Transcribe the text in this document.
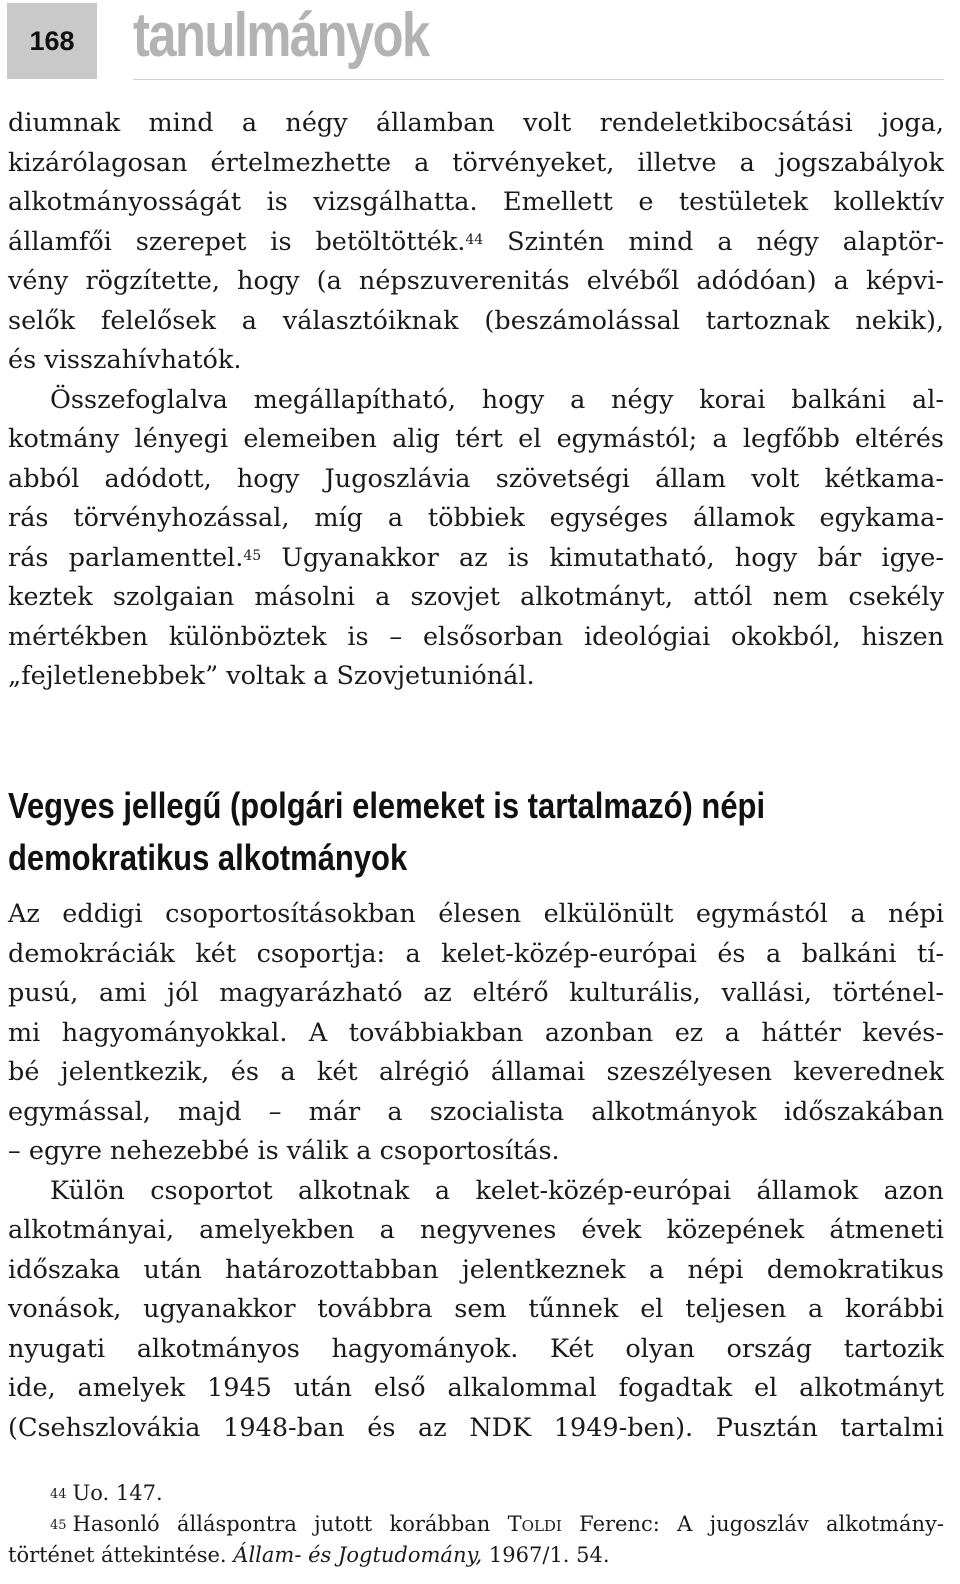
168 tanulmányok
diumnak mind a négy államban volt rendeletkibocsátási joga,
kizárólagosan értelmezhette a törvényeket, illetve a jogszabályok
alkotmányosságát is vizsgálhatta. Emellett e testületek kollektív
államfői szerepet is betöltötték.$^{44}$ Szintén mind a négy alaptör-
vény rögzítette, hogy (a népszuverenitás elvéből adódóan) a képvi-
selők felelősek a választóiknak (beszámolással tartoznak nekik),
és visszahívhatók.
Összefoglalva megállapítható, hogy a négy korai balkáni al-
kotmány lényegi elemeiben alig tért el egymástól; a legfőbb eltérés
abból adódott, hogy Jugoszlávia szövetségi állam volt kétkama-
rás törvényhozással, míg a többiek egységes államok egykama-
rás parlamenttel.$^{45}$ Ugyanakkor az is kimutatható, hogy bár igye-
keztek szolgaian másolni a szovjet alkotmányt, attól nem csekély
mértékben különböztek is – elsősorban ideológiai okokból, hiszen
„fejletlenebbek” voltak a Szovjetuniónál.
Vegyes jellegű (polgári elemeket is tartalmazó) népi
demokratikus alkotmányok
Az eddigi csoportosításokban élesen elkülönült egymástól a népi
demokráciák két csoportja: a kelet-közép-európai és a balkáni tí-
pusú, ami jól magyarázható az eltérő kulturális, vallási, történel-
mi hagyományokkal. A továbbiakban azonban ez a háttér kevés-
bé jelentkezik, és a két alrégió államai szeszélyesen keverednek
egymással, majd – már a szocialista alkotmányok időszakában
– egyre nehezebbé is válik a csoportosítás.
Külön csoportot alkotnak a kelet-közép-európai államok azon
alkotmányai, amelyekben a negyvenes évek közepének átmeneti
időszaka után határozottabban jelentkeznek a népi demokratikus
vonások, ugyanakkor továbbra sem tűnnek el teljesen a korábbi
nyugati alkotmányos hagyományok. Két olyan ország tartozik
ide, amelyek 1945 után első alkalommal fogadtak el alkotmányt
(Csehszlovákia 1948-ban és az NDK 1949-ben). Pusztán tartalmi

$^{44}$ Uo. 147.

$^{45}$ Hasonló álláspontra jutott korábban Toldi Ferenc: A jugoszláv alkotmány-
történet áttekintése. Állam- és Jogtudomány, 1967/1. 54.
